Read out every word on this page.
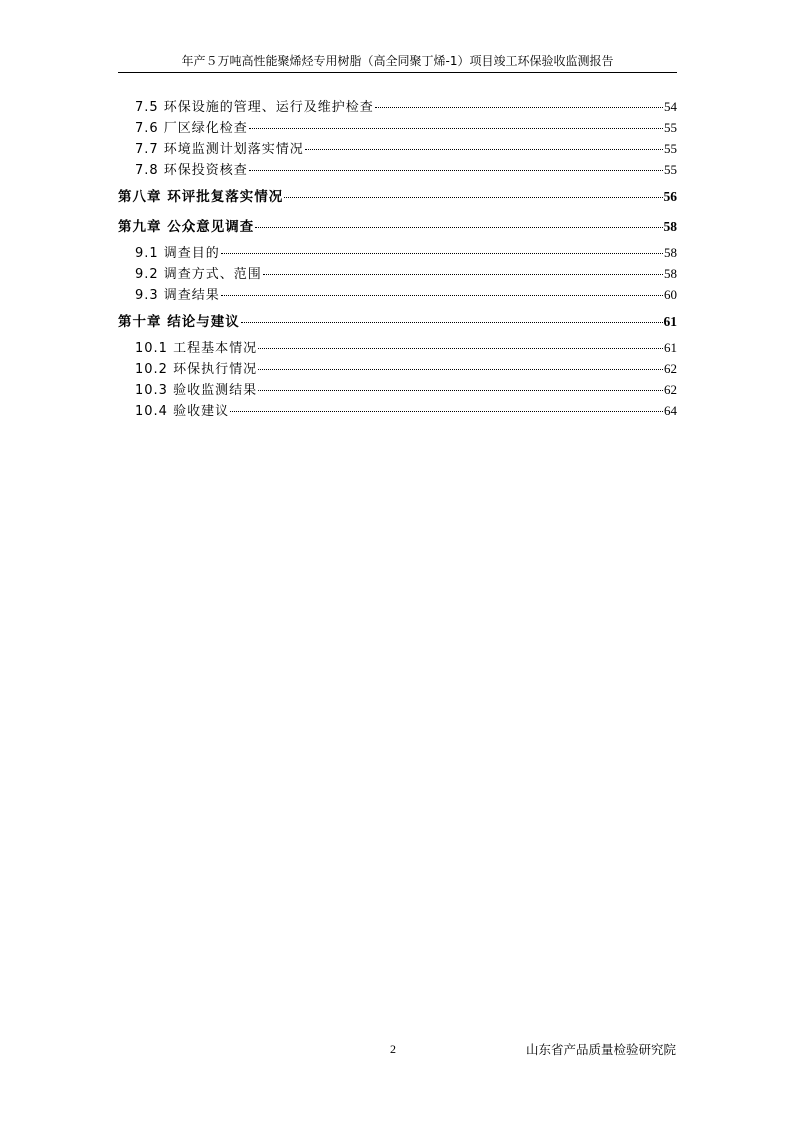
年产５万吨高性能聚烯烃专用树脂（高全同聚丁烯-1）项目竣工环保验收监测报告
7.5 环保设施的管理、运行及维护检查	54
7.6 厂区绿化检查	55
7.7 环境监测计划落实情况	55
7.8 环保投资核查	55
第八章 环评批复落实情况	56
第九章 公众意见调查	58
9.1 调查目的	58
9.2 调查方式、范围	58
9.3 调查结果	60
第十章 结论与建议	61
10.1 工程基本情况	61
10.2 环保执行情况	62
10.3 验收监测结果	62
10.4 验收建议	64
2	山东省产品质量检验研究院
